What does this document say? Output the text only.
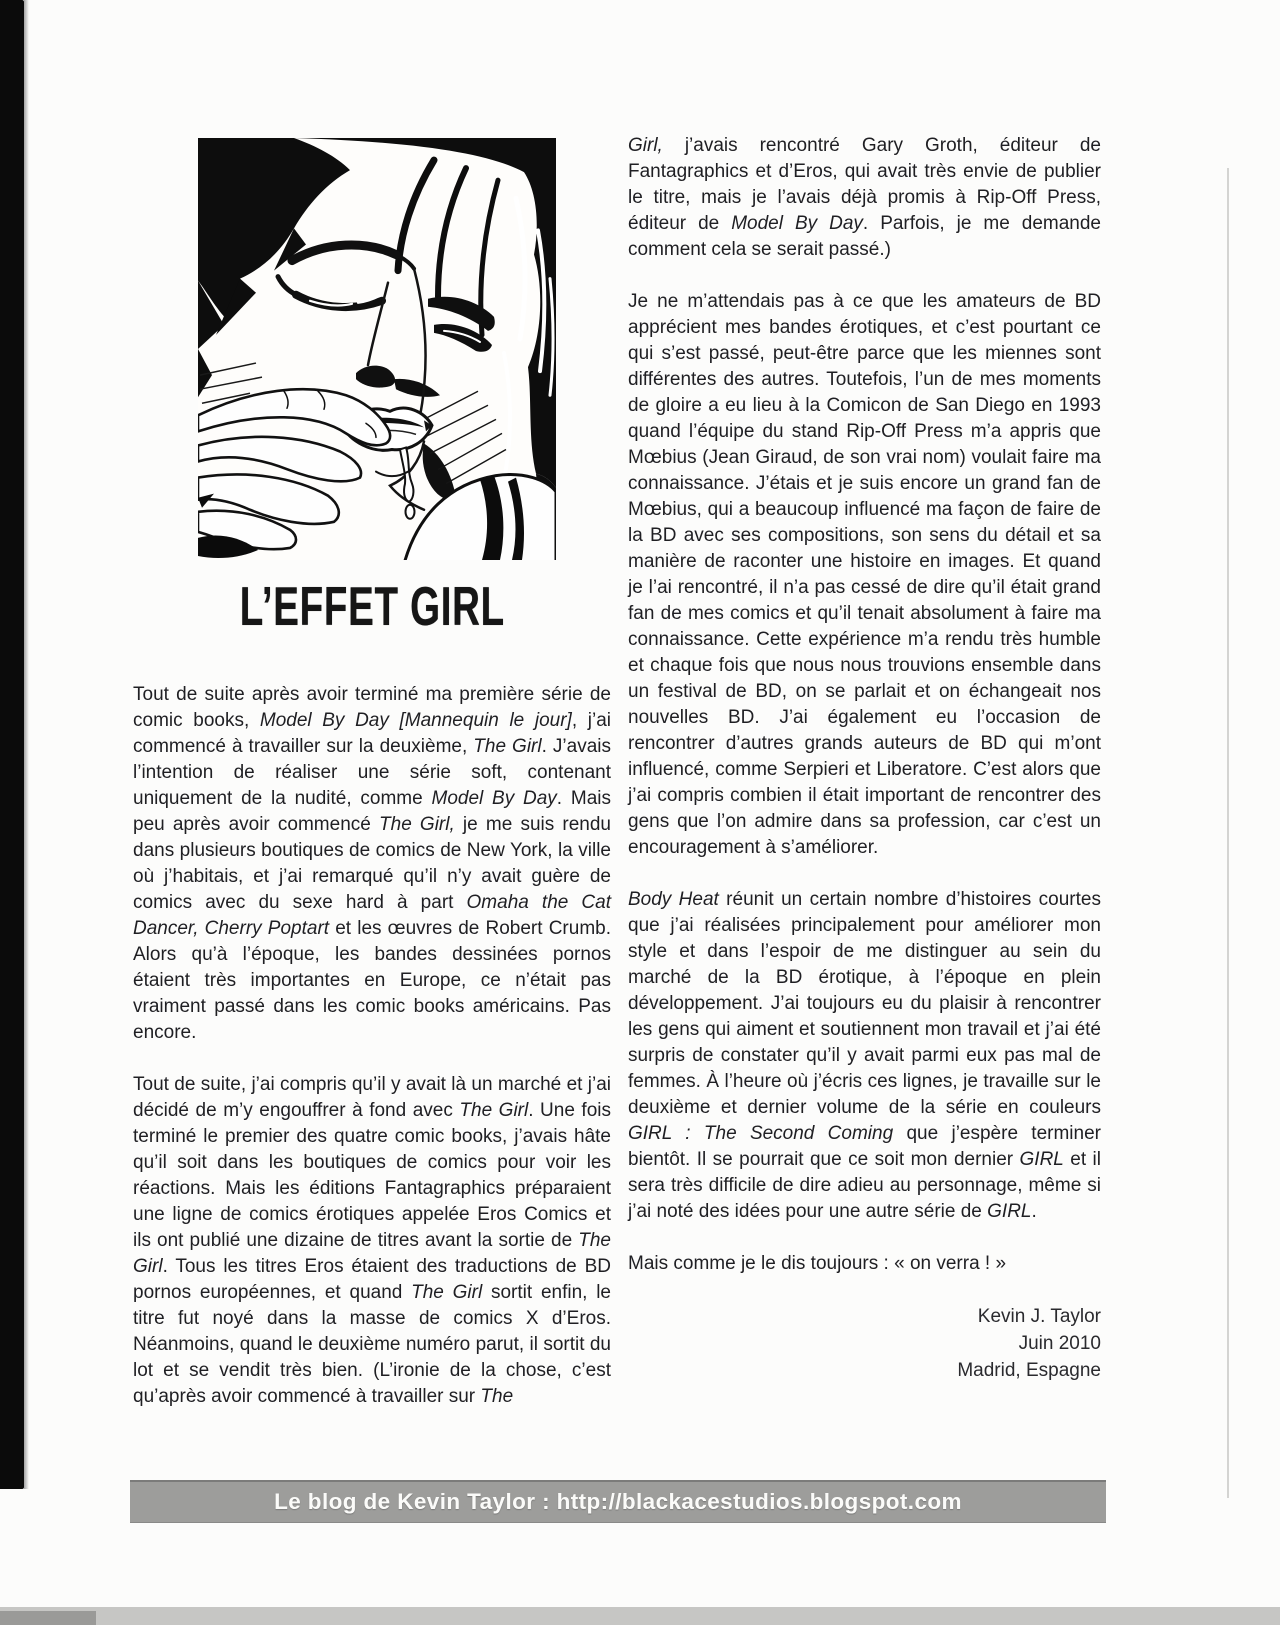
L’EFFET GIRL

Tout de suite après avoir terminé ma première série de comic books, Model By Day [Mannequin le jour], j’ai commencé à travailler sur la deuxième, The Girl. J’avais l’intention de réaliser une série soft, contenant uniquement de la nudité, comme Model By Day. Mais peu après avoir commencé The Girl, je me suis rendu dans plusieurs boutiques de comics de New York, la ville où j’habitais, et j’ai remarqué qu’il n’y avait guère de comics avec du sexe hard à part Omaha the Cat Dancer, Cherry Poptart et les œuvres de Robert Crumb. Alors qu’à l’époque, les bandes dessinées pornos étaient très importantes en Europe, ce n’était pas vraiment passé dans les comic books américains. Pas encore.

Tout de suite, j’ai compris qu’il y avait là un marché et j’ai décidé de m’y engouffrer à fond avec The Girl. Une fois terminé le premier des quatre comic books, j’avais hâte qu’il soit dans les boutiques de comics pour voir les réactions. Mais les éditions Fantagraphics préparaient une ligne de comics érotiques appelée Eros Comics et ils ont publié une dizaine de titres avant la sortie de The Girl. Tous les titres Eros étaient des traductions de BD pornos européennes, et quand The Girl sortit enfin, le titre fut noyé dans la masse de comics X d’Eros. Néanmoins, quand le deuxième numéro parut, il sortit du lot et se vendit très bien. (L’ironie de la chose, c’est qu’après avoir commencé à travailler sur The

Girl, j’avais rencontré Gary Groth, éditeur de Fantagraphics et d’Eros, qui avait très envie de publier le titre, mais je l’avais déjà promis à Rip-Off Press, éditeur de Model By Day. Parfois, je me demande comment cela se serait passé.)

Je ne m’attendais pas à ce que les amateurs de BD apprécient mes bandes érotiques, et c’est pourtant ce qui s’est passé, peut-être parce que les miennes sont différentes des autres. Toutefois, l’un de mes moments de gloire a eu lieu à la Comicon de San Diego en 1993 quand l’équipe du stand Rip-Off Press m’a appris que Mœbius (Jean Giraud, de son vrai nom) voulait faire ma connaissance. J’étais et je suis encore un grand fan de Mœbius, qui a beaucoup influencé ma façon de faire de la BD avec ses compositions, son sens du détail et sa manière de raconter une histoire en images. Et quand je l’ai rencontré, il n’a pas cessé de dire qu’il était grand fan de mes comics et qu’il tenait absolument à faire ma connaissance. Cette expérience m’a rendu très humble et chaque fois que nous nous trouvions ensemble dans un festival de BD, on se parlait et on échangeait nos nouvelles BD. J’ai également eu l’occasion de rencontrer d’autres grands auteurs de BD qui m’ont influencé, comme Serpieri et Liberatore. C’est alors que j’ai compris combien il était important de rencontrer des gens que l’on admire dans sa profession, car c’est un encouragement à s’améliorer.

Body Heat réunit un certain nombre d’histoires courtes que j’ai réalisées principalement pour améliorer mon style et dans l’espoir de me distinguer au sein du marché de la BD érotique, à l’époque en plein développement. J’ai toujours eu du plaisir à rencontrer les gens qui aiment et soutiennent mon travail et j’ai été surpris de constater qu’il y avait parmi eux pas mal de femmes. À l’heure où j’écris ces lignes, je travaille sur le deuxième et dernier volume de la série en couleurs GIRL : The Second Coming que j’espère terminer bientôt. Il se pourrait que ce soit mon dernier GIRL et il sera très difficile de dire adieu au personnage, même si j’ai noté des idées pour une autre série de GIRL.

Mais comme je le dis toujours : « on verra ! »

Kevin J. Taylor
Juin 2010
Madrid, Espagne
Le blog de Kevin Taylor : http://blackacestudios.blogspot.com
